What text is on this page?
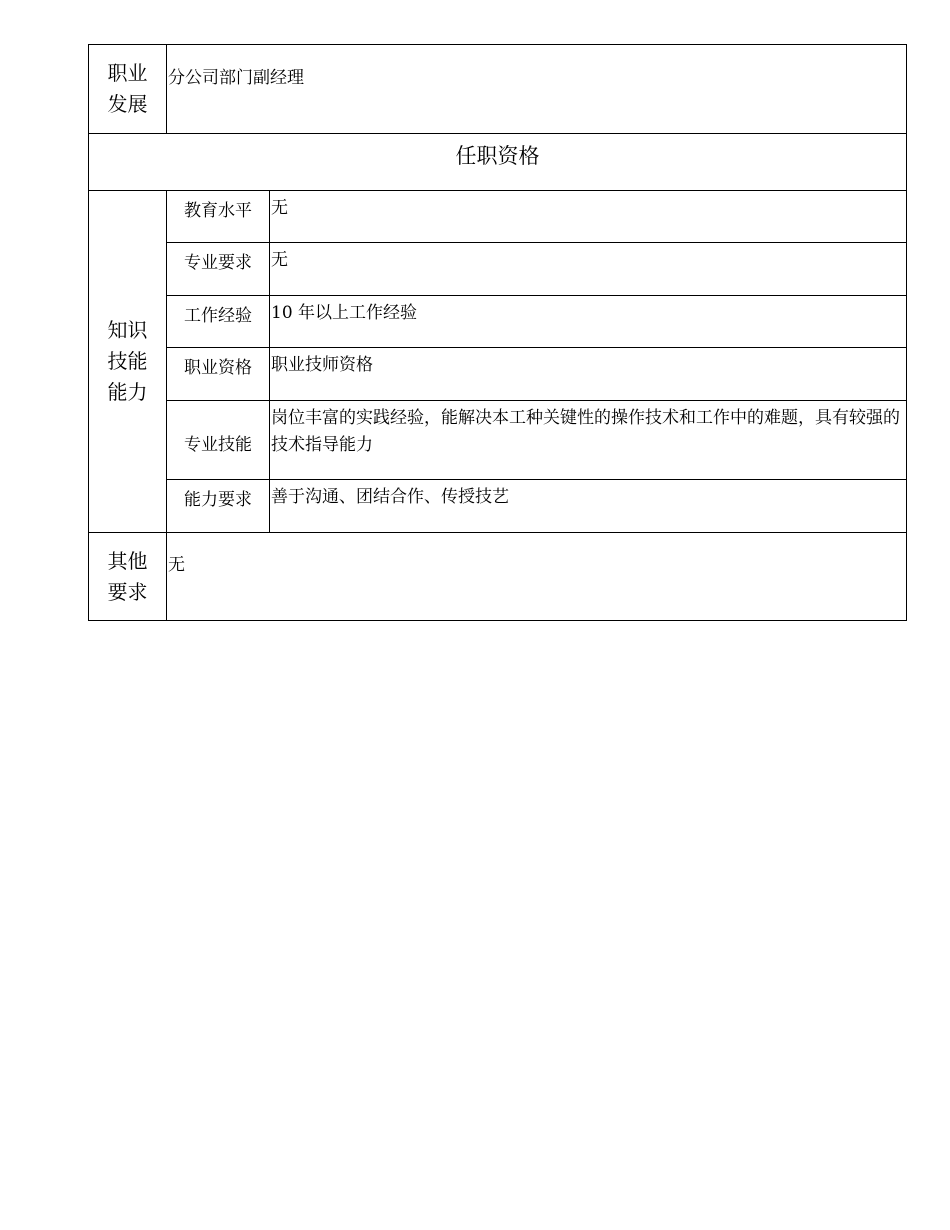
职业
发展	分公司部门副经理	
任职资格		

知识
技能
能力	教育水平	无
	专业要求	无
	工作经验	10 年以上工作经验
	职业资格	职业技师资格
	专业技能	岗位丰富的实践经验，能解决本工种关键性的操作技术和工作中的难题，具有较强的技术指导能力
	能力要求	善于沟通、团结合作、传授技艺

其他
要求	无	
